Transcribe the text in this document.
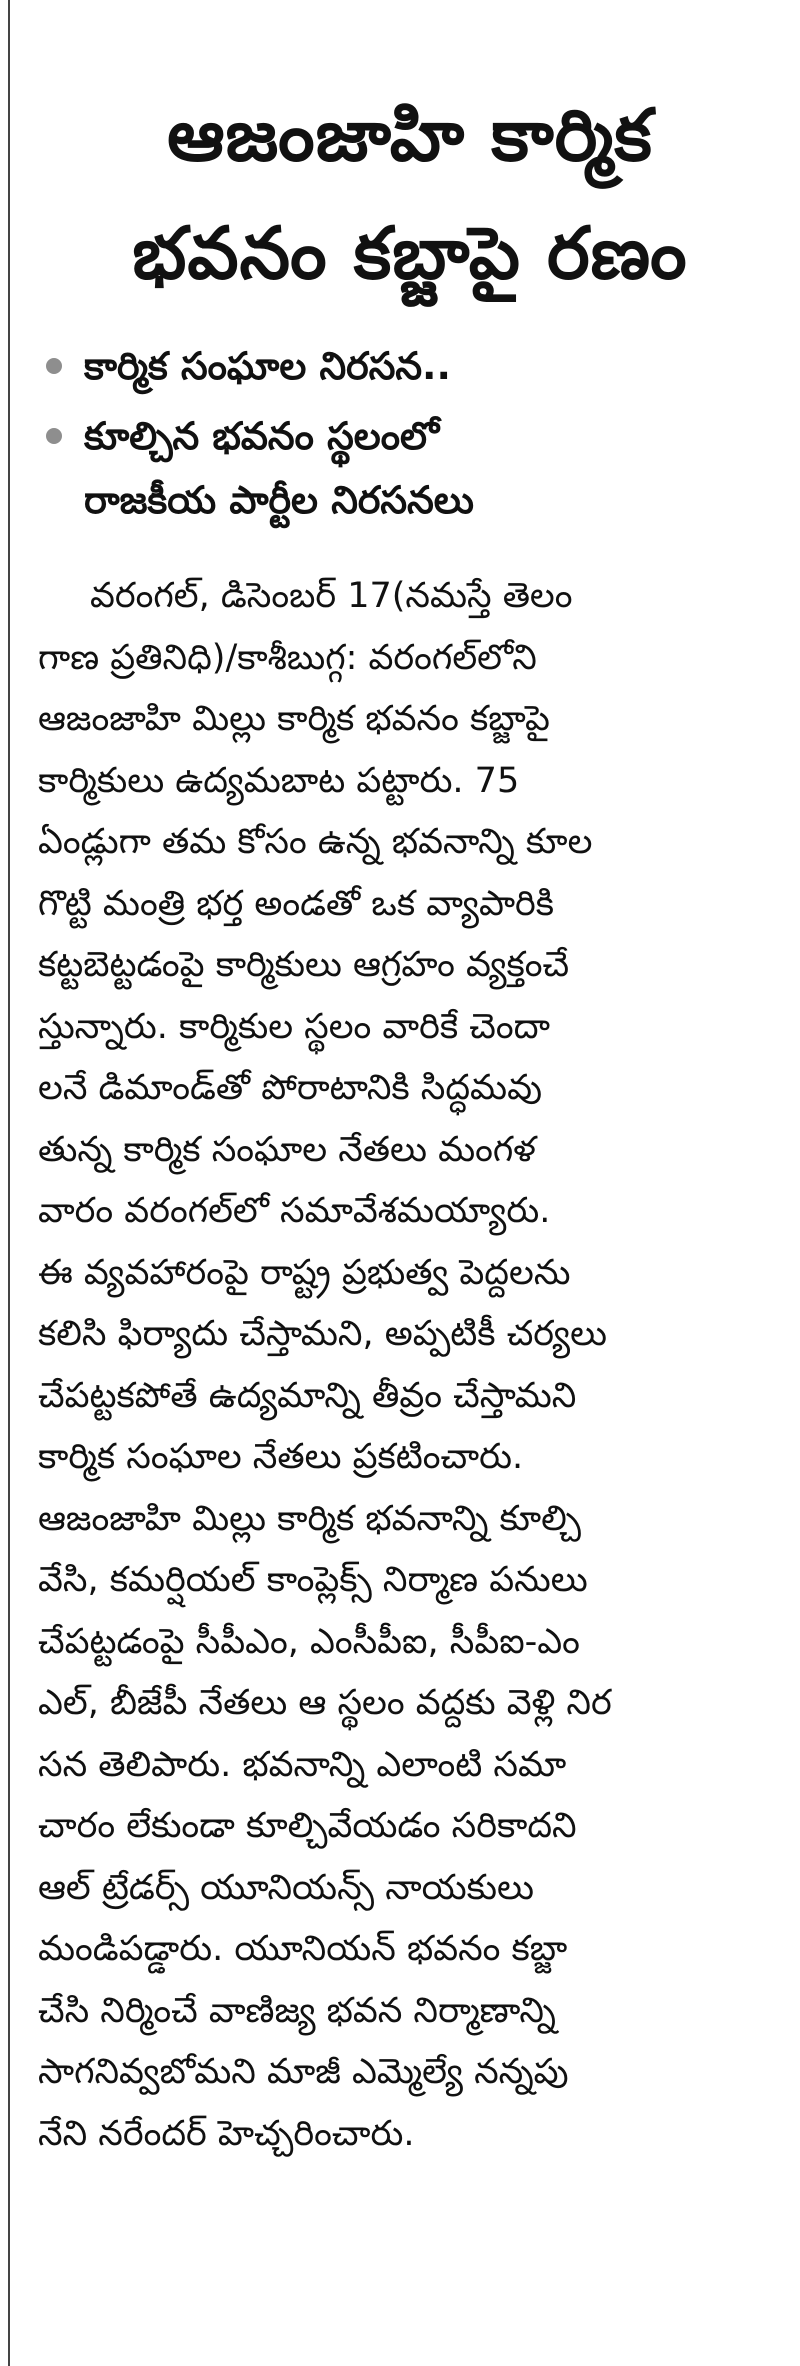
ఆజంజాహి కార్మిక
భవనం కబ్జాపై రణం
కార్మిక సంఘాల నిరసన..
కూల్చిన భవనం స్థలంలో
రాజకీయ పార్టీల నిరసనలు
వరంగల్, డిసెంబర్ 17(నమస్తే తెలం
గాణ ప్రతినిధి)/కాశీబుగ్గ: వరంగల్‌లోని
ఆజంజాహి మిల్లు కార్మిక భవనం కబ్జాపై
కార్మికులు ఉద్యమబాట పట్టారు. 75
ఏండ్లుగా తమ కోసం ఉన్న భవనాన్ని కూల
గొట్టి మంత్రి భర్త అండతో ఒక వ్యాపారికి
కట్టబెట్టడంపై కార్మికులు ఆగ్రహం వ్యక్తంచే
స్తున్నారు. కార్మికుల స్థలం వారికే చెందా
లనే డిమాండ్‌తో పోరాటానికి సిద్ధమవు
తున్న కార్మిక సంఘాల నేతలు మంగళ
వారం వరంగల్‌లో సమావేశమయ్యారు.
ఈ వ్యవహారంపై రాష్ట్ర ప్రభుత్వ పెద్దలను
కలిసి ఫిర్యాదు చేస్తామని, అప్పటికీ చర్యలు
చేపట్టకపోతే ఉద్యమాన్ని తీవ్రం చేస్తామని
కార్మిక సంఘాల నేతలు ప్రకటించారు.
ఆజంజాహి మిల్లు కార్మిక భవనాన్ని కూల్చి
వేసి, కమర్షియల్ కాంప్లెక్స్ నిర్మాణ పనులు
చేపట్టడంపై సీపీఎం, ఎంసీపీఐ, సీపీఐ-ఎం
ఎల్, బీజేపీ నేతలు ఆ స్థలం వద్దకు వెళ్లి నిర
సన తెలిపారు. భవనాన్ని ఎలాంటి సమా
చారం లేకుండా కూల్చివేయడం సరికాదని
ఆల్ ట్రేడర్స్ యూనియన్స్ నాయకులు
మండిపడ్డారు. యూనియన్ భవనం కబ్జా
చేసి నిర్మించే వాణిజ్య భవన నిర్మాణాన్ని
సాగనివ్వబోమని మాజీ ఎమ్మెల్యే నన్నపు
నేని నరేందర్ హెచ్చరించారు.
